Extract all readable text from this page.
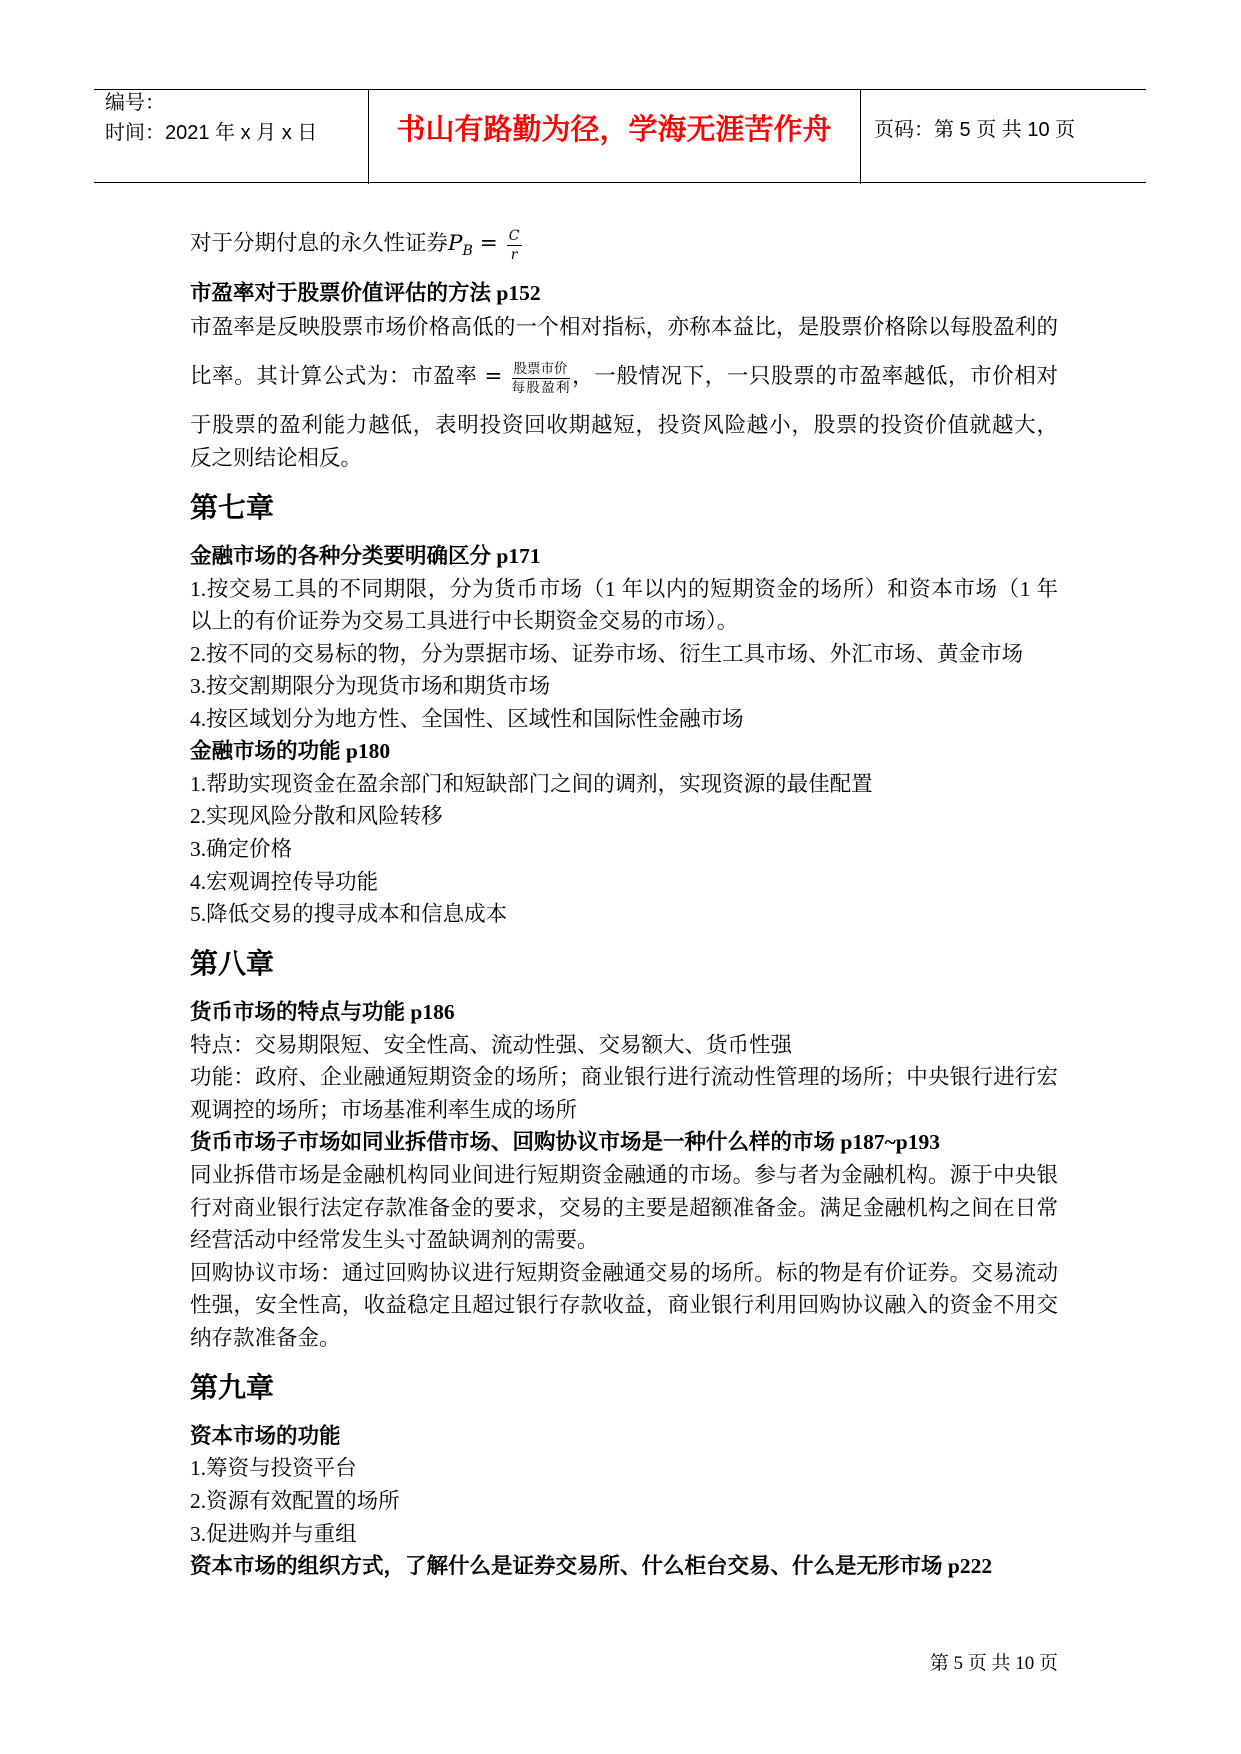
编号：
时间：2021 年 x 月 x 日	书山有路勤为径，学海无涯苦作舟	页码：第 5 页 共 10 页
对于分期付息的永久性证券$P_B = \frac{C}{r}$
市盈率对于股票价值评估的方法 p152
市盈率是反映股票市场价格高低的一个相对指标，亦称本益比，是股票价格除以每股盈利的
比率。其计算公式为：市盈率 = $\frac{\text{股票市价}}{\text{每股盈利}}$ ，一般情况下，一只股票的市盈率越低，市价相对
于股票的盈利能力越低，表明投资回收期越短，投资风险越小，股票的投资价值就越大，
反之则结论相反。
第七章
金融市场的各种分类要明确区分 p171
1.按交易工具的不同期限，分为货币市场（1 年以内的短期资金的场所）和资本市场（1 年
以上的有价证券为交易工具进行中长期资金交易的市场）。
2.按不同的交易标的物，分为票据市场、证券市场、衍生工具市场、外汇市场、黄金市场
3.按交割期限分为现货市场和期货市场
4.按区域划分为地方性、全国性、区域性和国际性金融市场
金融市场的功能 p180
1.帮助实现资金在盈余部门和短缺部门之间的调剂，实现资源的最佳配置
2.实现风险分散和风险转移
3.确定价格
4.宏观调控传导功能
5.降低交易的搜寻成本和信息成本
第八章
货币市场的特点与功能 p186
特点：交易期限短、安全性高、流动性强、交易额大、货币性强
功能：政府、企业融通短期资金的场所；商业银行进行流动性管理的场所；中央银行进行宏
观调控的场所；市场基准利率生成的场所
货币市场子市场如同业拆借市场、回购协议市场是一种什么样的市场 p187~p193
同业拆借市场是金融机构同业间进行短期资金融通的市场。参与者为金融机构。源于中央银
行对商业银行法定存款准备金的要求，交易的主要是超额准备金。满足金融机构之间在日常
经营活动中经常发生头寸盈缺调剂的需要。
回购协议市场：通过回购协议进行短期资金融通交易的场所。标的物是有价证券。交易流动
性强，安全性高，收益稳定且超过银行存款收益，商业银行利用回购协议融入的资金不用交
纳存款准备金。
第九章
资本市场的功能
1.筹资与投资平台
2.资源有效配置的场所
3.促进购并与重组
资本市场的组织方式，了解什么是证券交易所、什么柜台交易、什么是无形市场 p222
第 5 页 共 10 页
